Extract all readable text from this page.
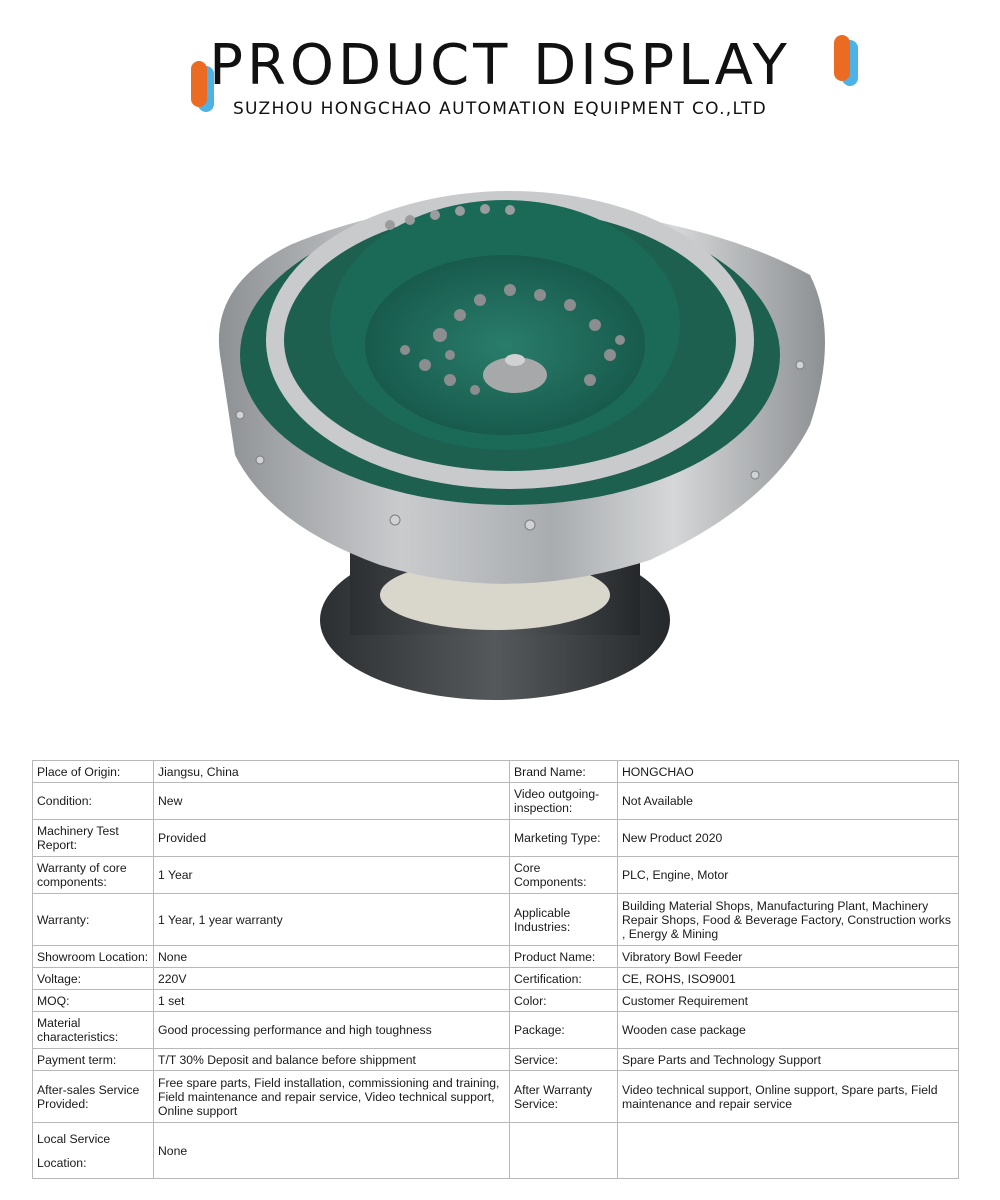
PRODUCT DISPLAY
SUZHOU HONGCHAO AUTOMATION EQUIPMENT CO.,LTD
Place of Origin:	Jiangsu, China	Brand Name:	HONGCHAO
Condition:	New	Video outgoing-inspection:	Not Available
Machinery Test Report:	Provided	Marketing Type:	New Product 2020
Warranty of core components:	1 Year	Core Components:	PLC, Engine, Motor
Warranty:	1 Year, 1 year warranty	Applicable Industries:	Building Material Shops, Manufacturing Plant, Machinery Repair Shops, Food & Beverage Factory, Construction works , Energy & Mining
Showroom Location:	None	Product Name:	Vibratory Bowl Feeder
Voltage:	220V	Certification:	CE, ROHS, ISO9001
MOQ:	1 set	Color:	Customer Requirement
Material characteristics:	Good processing performance and high toughness	Package:	Wooden case package
Payment term:	T/T 30% Deposit and balance before shippment	Service:	Spare Parts and Technology Support
After-sales Service Provided:	Free spare parts, Field installation, commissioning and training, Field maintenance and repair service, Video technical support, Online support	After Warranty Service:	Video technical support, Online support, Spare parts, Field maintenance and repair service
Local Service Location:	None		
